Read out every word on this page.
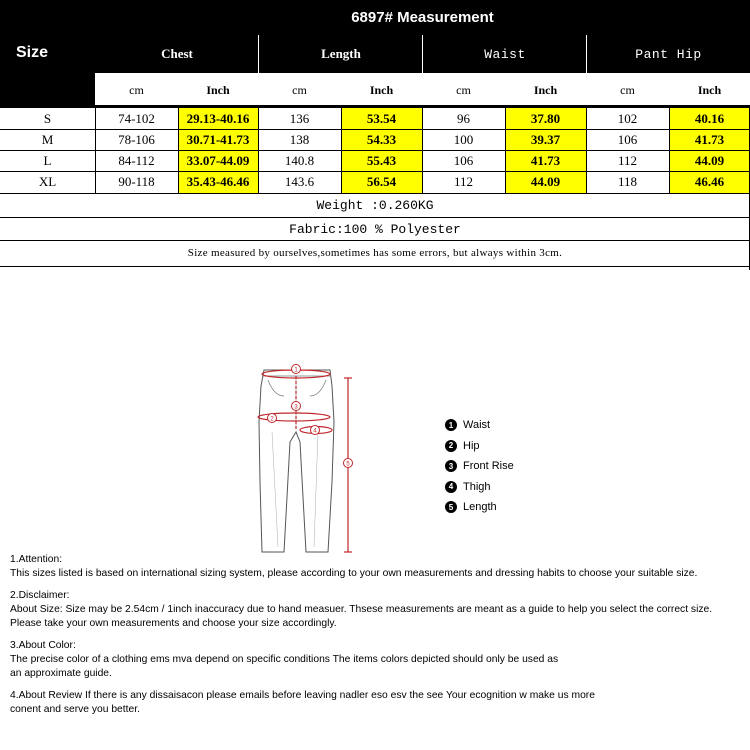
6897# Measurement
Size	Chest	Length	Waist	Pant Hip
cm	Inch	cm	Inch	cm	Inch	cm	Inch
S	74-102	29.13-40.16	136	53.54	96	37.80	102	40.16
M	78-106	30.71-41.73	138	54.33	100	39.37	106	41.73
L	84-112	33.07-44.09	140.8	55.43	106	41.73	112	44.09
XL	90-118	35.43-46.46	143.6	56.54	112	44.09	118	46.46
Weight :0.260KG
Fabric:100 % Polyester
Size measured by ourselves,sometimes has some errors, but always within 3cm.
1
3
2
4
5
1 Waist
2 Hip
3 Front Rise
4 Thigh
5 Length

1.Attention:

This sizes listed is based on international sizing system, please according to your own measurements and dressing habits to choose your suitable size.

2.Disclaimer:

About Size: Size may be 2.54cm / 1inch inaccuracy due to hand measuer. Thsese measurements are meant as a guide to help you select the correct size.

Please take your own measurements and choose your size accordingly.

3.About Color:

The precise color of a clothing ems mva depend on specific conditions The items colors depicted should only be used as

an approximate guide.

4.About Review If there is any dissaisacon please emails before leaving nadler eso esv the see Your ecognition w make us more

conent and serve you better.
